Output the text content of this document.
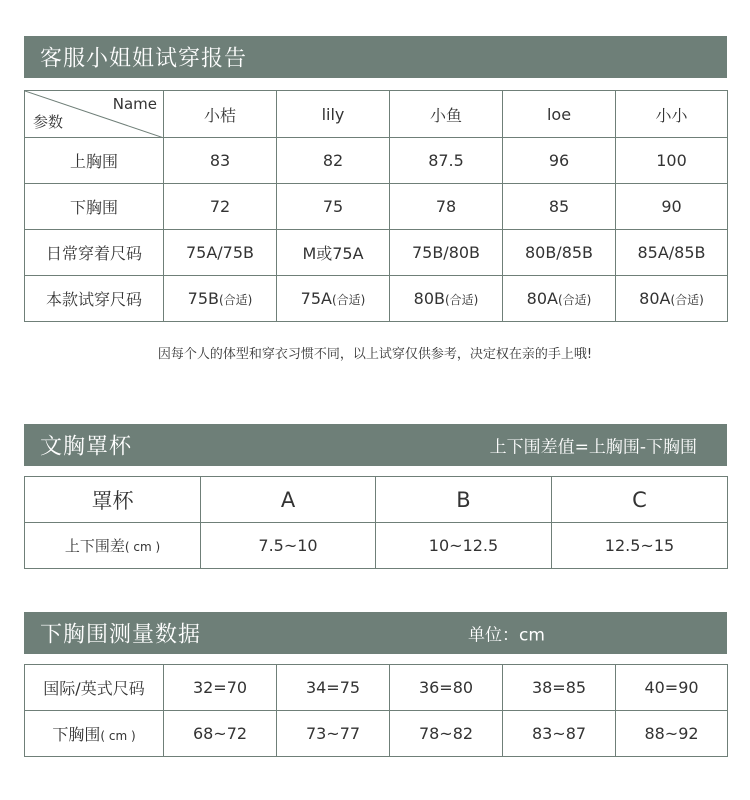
客服小姐姐试穿报告
Name
参数	小桔	lily	小鱼	loe	小小
上胸围	83	82	87.5	96	100
下胸围	72	75	78	85	90
日常穿着尺码	75A/75B	M或75A	75B/80B	80B/85B	85A/85B
本款试穿尺码	75B(合适)	75A(合适)	80B(合适)	80A(合适)	80A(合适)
因每个人的体型和穿衣习惯不同，以上试穿仅供参考，决定权在亲的手上哦!
文胸罩杯	上下围差值=上胸围-下胸围
罩杯	A	B	C
上下围差( cm )	7.5~10	10~12.5	12.5~15
下胸围测量数据	单位：cm
国际/英式尺码	32=70	34=75	36=80	38=85	40=90
下胸围( cm )	68~72	73~77	78~82	83~87	88~92
